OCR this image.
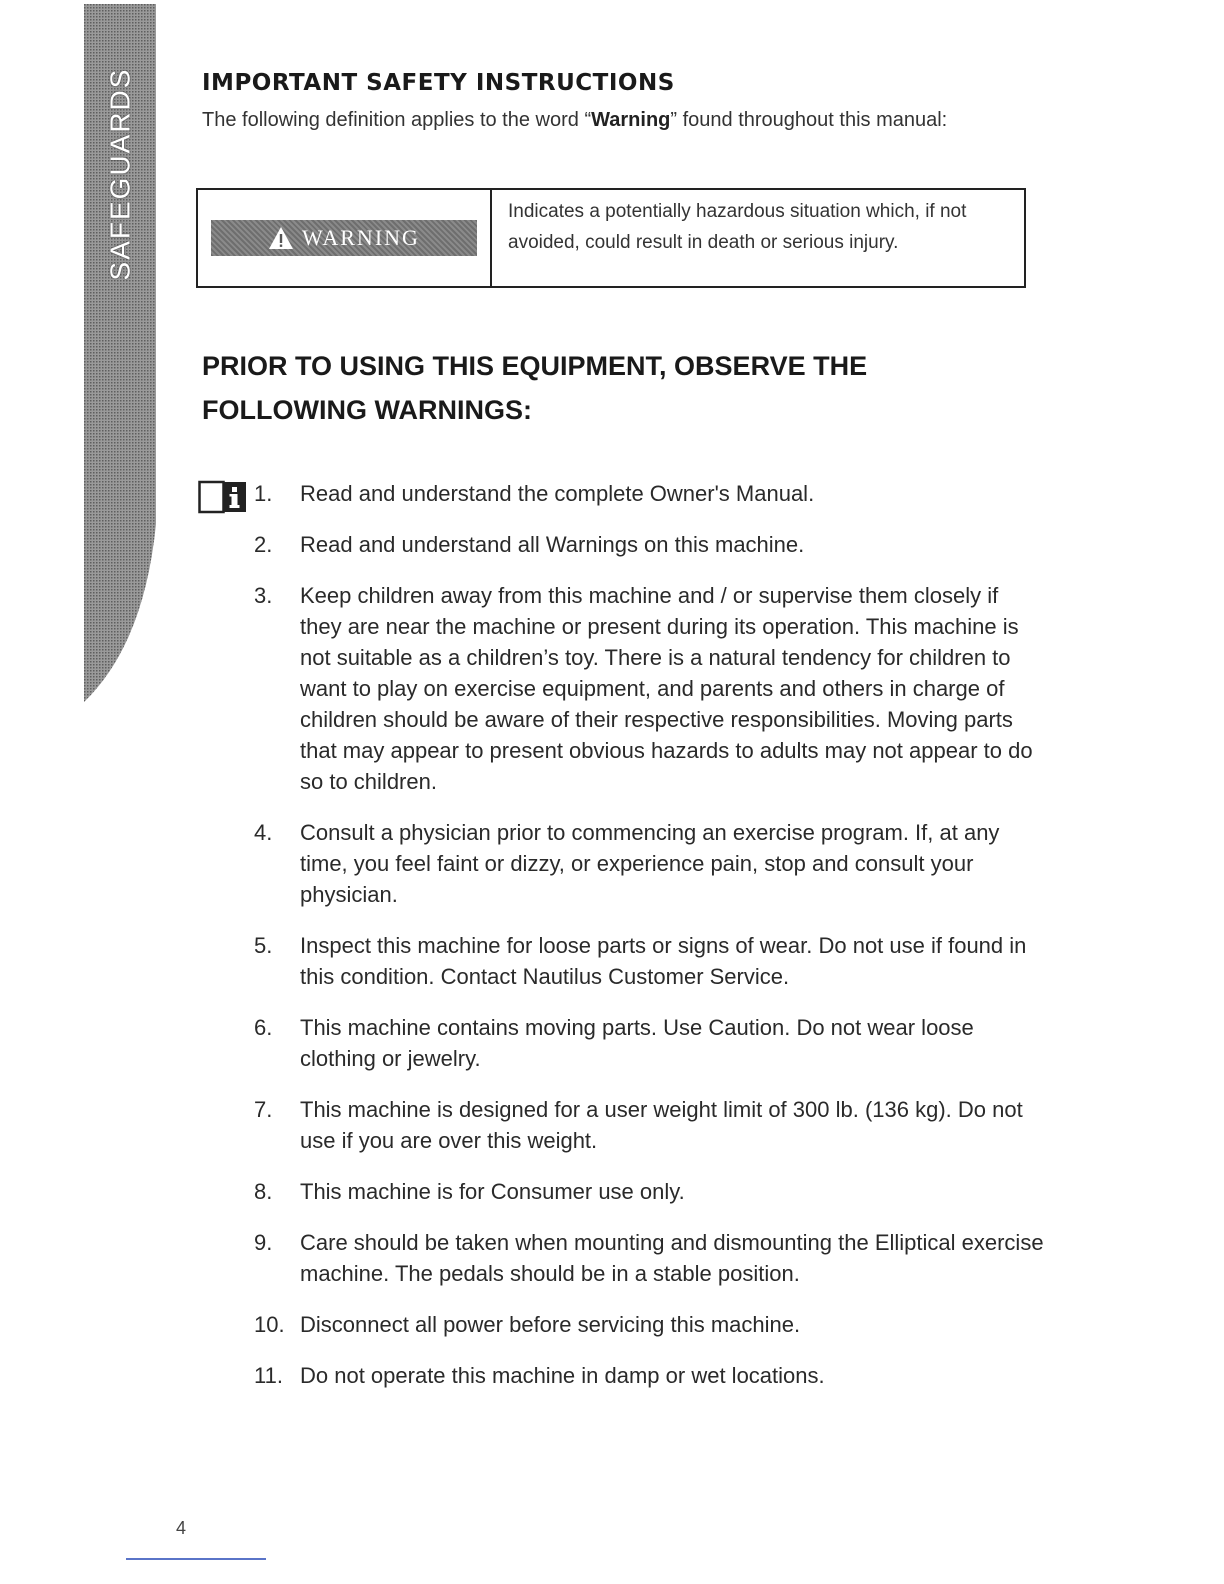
SAFEGUARDS	IMPORTANT SAFETY INSTRUCTIONS

The following definition applies to the word “Warning” found throughout this manual:

WARNING
Indicates a potentially hazardous situation which, if not avoided, could result in death or serious injury.
PRIOR TO USING THIS EQUIPMENT, OBSERVE THE FOLLOWING WARNINGS:
1.	Read and understand the complete Owner's Manual.
2.	Read and understand all Warnings on this machine.
3.	Keep children away from this machine and / or supervise them closely if they are near the machine or present during its operation. This machine is not suitable as a children’s toy. There is a natural tendency for children to want to play on exercise equipment, and parents and others in charge of children should be aware of their respective responsibilities. Moving parts that may appear to present obvious hazards to adults may not appear to do so to children.
4.	Consult a physician prior to commencing an exercise program. If, at any time, you feel faint or dizzy, or experience pain, stop and consult your physician.
5.	Inspect this machine for loose parts or signs of wear. Do not use if found in this condition. Contact Nautilus Customer Service.
6.	This machine contains moving parts. Use Caution. Do not wear loose clothing or jewelry.
7.	This machine is designed for a user weight limit of 300 lb. (136 kg). Do not use if you are over this weight.
8.	This machine is for Consumer use only.
9.	Care should be taken when mounting and dismounting the Elliptical exercise machine. The pedals should be in a stable position.
10. Disconnect all power before servicing this machine.
11. Do not operate this machine in damp or wet locations.
4
